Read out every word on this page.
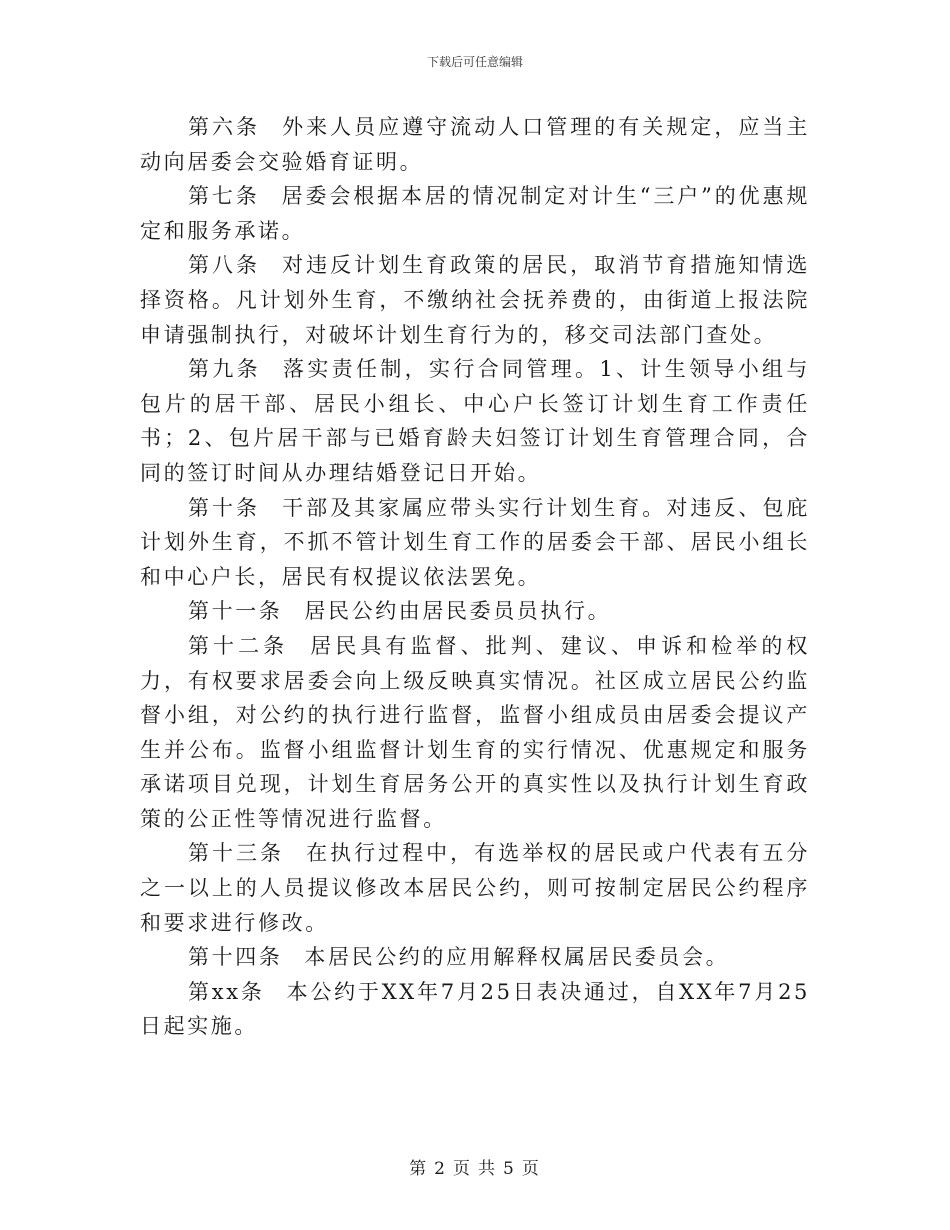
下载后可任意编辑

第六条 外来人员应遵守流动人口管理的有关规定，应当主动向居委会交验婚育证明。

第七条 居委会根据本居的情况制定对计生“三户”的优惠规定和服务承诺。

第八条 对违反计划生育政策的居民，取消节育措施知情选择资格。凡计划外生育，不缴纳社会抚养费的，由街道上报法院申请强制执行，对破坏计划生育行为的，移交司法部门查处。

第九条 落实责任制，实行合同管理。1、计生领导小组与包片的居干部、居民小组长、中心户长签订计划生育工作责任书；2、包片居干部与已婚育龄夫妇签订计划生育管理合同，合同的签订时间从办理结婚登记日开始。

第十条 干部及其家属应带头实行计划生育。对违反、包庇计划外生育，不抓不管计划生育工作的居委会干部、居民小组长和中心户长，居民有权提议依法罢免。

第十一条 居民公约由居民委员员执行。

第十二条 居民具有监督、批判、建议、申诉和检举的权力，有权要求居委会向上级反映真实情况。社区成立居民公约监督小组，对公约的执行进行监督，监督小组成员由居委会提议产生并公布。监督小组监督计划生育的实行情况、优惠规定和服务承诺项目兑现，计划生育居务公开的真实性以及执行计划生育政策的公正性等情况进行监督。

第十三条 在执行过程中，有选举权的居民或户代表有五分之一以上的人员提议修改本居民公约，则可按制定居民公约程序和要求进行修改。

第十四条 本居民公约的应用解释权属居民委员会。

第xx条 本公约于XX年7月25日表决通过，自XX年7月25日起实施。

第 2 页 共 5 页
